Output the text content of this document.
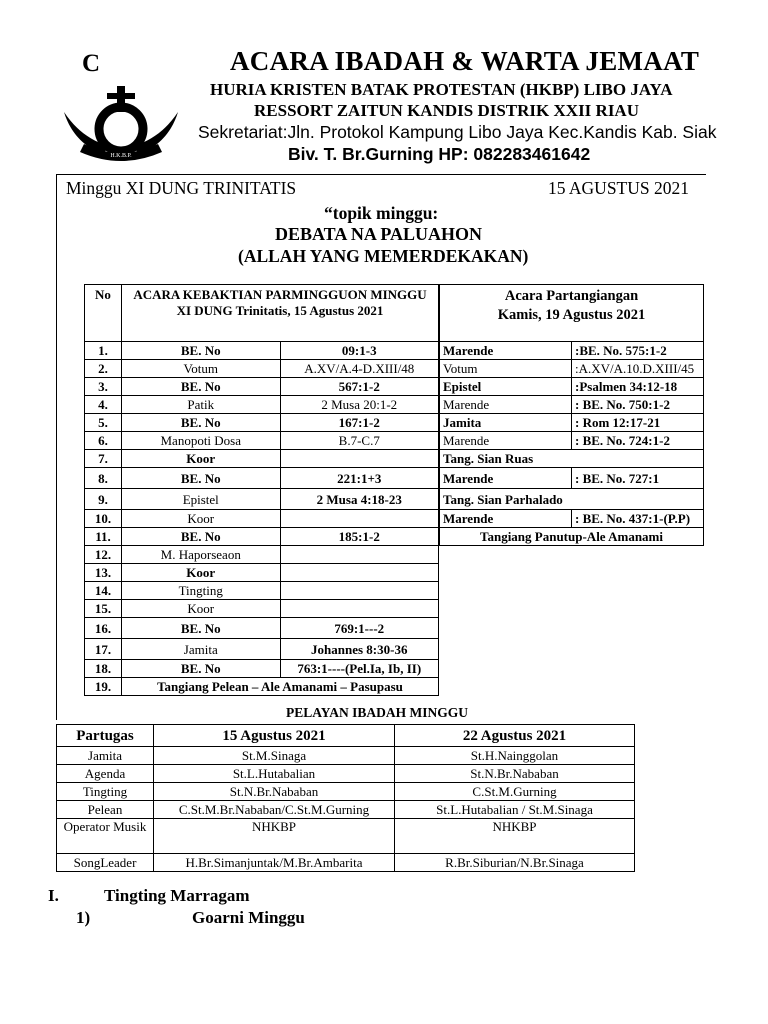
C	ACARA IBADAH & WARTA JEMAAT
HURIA KRISTEN BATAK PROTESTAN (HKBP) LIBO JAYA
RESSORT ZAITUN KANDIS DISTRIK XXII RIAU
Sekretariat:Jln. Protokol Kampung Libo Jaya Kec.Kandis Kab. Siak
Biv. T. Br.Gurning HP: 082283461642
H.K.B.P.
Minggu XI DUNG TRINITATIS	15 AGUSTUS 2021
“topik minggu:
DEBATA NA PALUAHON
(ALLAH YANG MEMERDEKAKAN)
No	ACARA KEBAKTIAN PARMINGGUON MINGGU XI DUNG Trinitatis, 15 Agustus 2021	
1.	BE. No	09:1-3
2.	Votum	A.XV/A.4-D.XIII/48
3.	BE. No	567:1-2
4.	Patik	2 Musa 20:1-2
5.	BE. No	167:1-2
6.	Manopoti Dosa	B.7-C.7
7.	Koor	
8.	BE. No	221:1+3
9.	Epistel	2 Musa 4:18-23
10.	Koor	
11.	BE. No	185:1-2
12.	M. Haporseaon	
13.	Koor	
14.	Tingting	
15.	Koor	
16.	BE. No	769:1---2
17.	Jamita	Johannes 8:30-36
18.	BE. No	763:1----(Pel.Ia, Ib, II)
19.	Tangiang Pelean – Ale Amanami – Pasupasu	
Acara Partangiangan
Kamis, 19 Agustus 2021	
Marende	:BE. No. 575:1-2
Votum	:A.XV/A.10.D.XIII/45
Epistel	:Psalmen 34:12-18
Marende	: BE. No. 750:1-2
Jamita	: Rom 12:17-21
Marende	: BE. No. 724:1-2
Tang. Sian Ruas	
Marende	: BE. No. 727:1
Tang. Sian Parhalado	
Marende	: BE. No. 437:1-(P.P)
Tangiang Panutup-Ale Amanami	
PELAYAN IBADAH MINGGU
Partugas	15 Agustus 2021	22 Agustus 2021
Jamita	St.M.Sinaga	St.H.Nainggolan
Agenda	St.L.Hutabalian	St.N.Br.Nababan
Tingting	St.N.Br.Nababan	C.St.M.Gurning
Pelean	C.St.M.Br.Nababan/C.St.M.Gurning	St.L.Hutabalian / St.M.Sinaga
Operator Musik	NHKBP	NHKBP
SongLeader	H.Br.Simanjuntak/M.Br.Ambarita	R.Br.Siburian/N.Br.Sinaga
I.	Tingting Marragam
1)	Goarni Minggu
